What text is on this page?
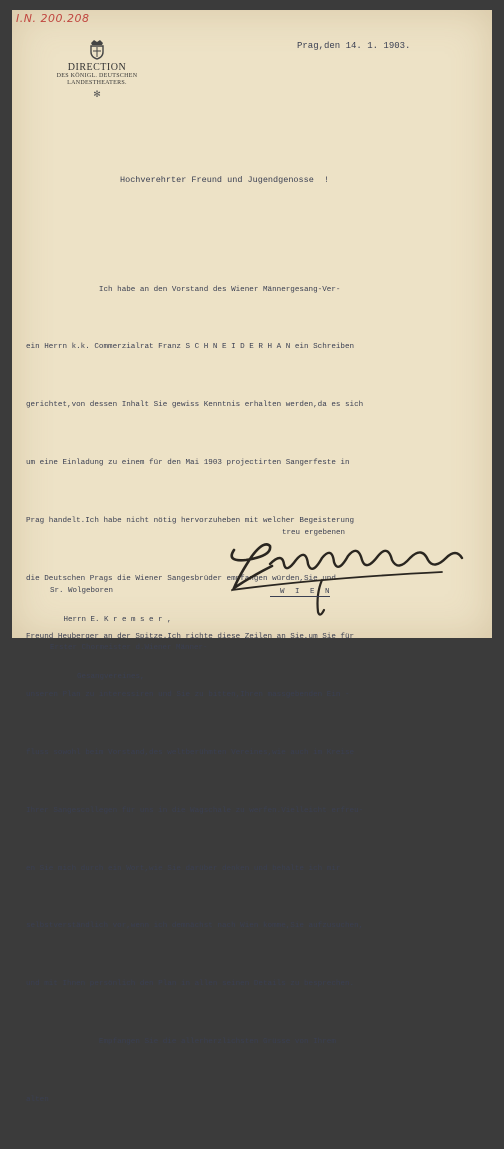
I.N. 200.208
DIRECTION
DES KÖNIGL. DEUTSCHEN
LANDESTHEATERS.
✻
Prag,den 14. 1. 1903.
Hochverehrter Freund und Jugendgenosse  !

Ich habe an den Vorstand des Wiener Männergesang-Ver-

ein Herrn k.k. Commerzialrat Franz S C H N E I D E R H A N ein Schreiben

gerichtet,von dessen Inhalt Sie gewiss Kenntnis erhalten werden,da es sich

um eine Einladung zu einem für den Mai 1903 projectirten Sangerfeste in

Prag handelt.Ich habe nicht nötig hervorzuheben mit welcher Begeisterung

die Deutschen Prags die Wiener Sangesbrüder empfangen würden,Sie und

Freund Heuberger an der Spitze.Ich richte diese Zeilen an Sie,um Sie für

unseren Plan zu interessiren und Sie zu bitten,Ihren massgebenden Ein -

fluss sowohl beim Vorstand,des weltberühmten Vereines,wie auch im Kreise

Ihrer Sangescollegen für uns in die Wagschale zu werfen.Vielleicht erfreu-

en Sie mich durch ein Wort,wie Sie darüber denken und behalte ich mir

selbstverständlich vor,wenn ich demnächst nach Wien komme,Sie aufzusuchen,

und mit Ihnen persönlich den Plan in allen seinen Details zu besprechen.

Empfangen Sie die allerherzlichsten Grüsse von Ihrem

alten

treu ergebenen

Sr. Wolgeboren

Herrn E. K r e m s e r ,

Erster Chormeister d.Wiener Männer-

Gesangvereines,

W I E N
